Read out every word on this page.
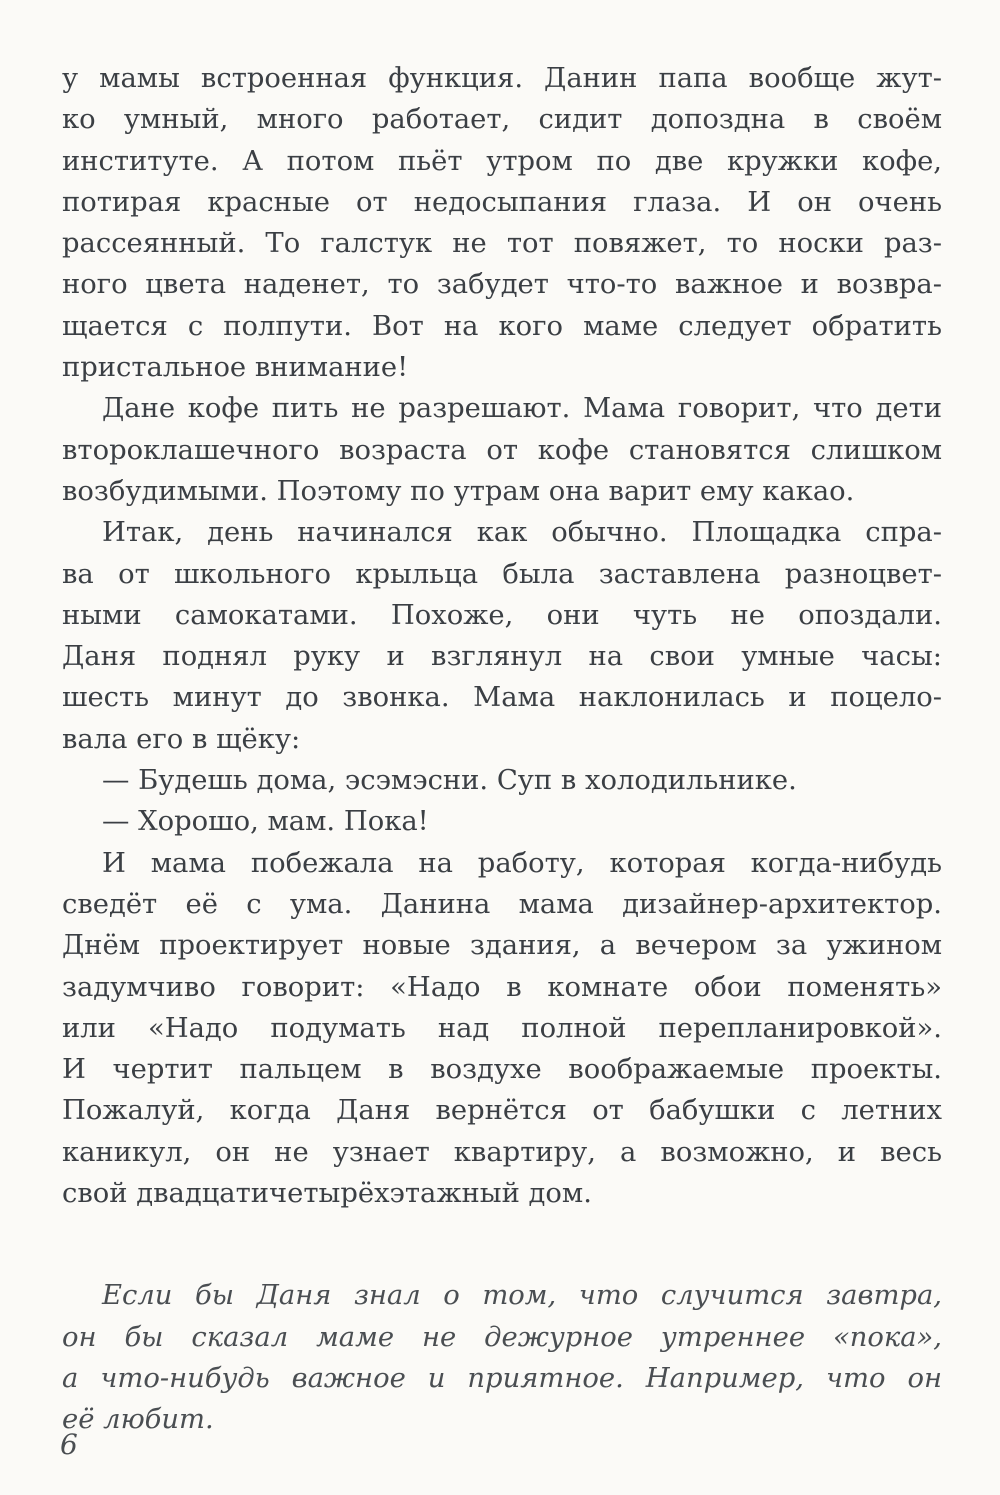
у мамы встроенная функция. Данин папа вообще жут-
ко умный, много работает, сидит допоздна в своём
институте. А потом пьёт утром по две кружки кофе,
потирая красные от недосыпания глаза. И он очень
рассеянный. То галстук не тот повяжет, то носки раз-
ного цвета наденет, то забудет что-то важное и возвра-
щается с полпути. Вот на кого маме следует обратить
пристальное внимание!
Дане кофе пить не разрешают. Мама говорит, что дети
второклашечного возраста от кофе становятся слишком
возбудимыми. Поэтому по утрам она варит ему какао.
Итак, день начинался как обычно. Площадка спра-
ва от школьного крыльца была заставлена разноцвет-
ными самокатами. Похоже, они чуть не опоздали.
Даня поднял руку и взглянул на свои умные часы:
шесть минут до звонка. Мама наклонилась и поцело-
вала его в щёку:
— Будешь дома, эсэмэсни. Суп в холодильнике.
— Хорошо, мам. Пока!
И мама побежала на работу, которая когда-нибудь
сведёт её с ума. Данина мама дизайнер-архитектор.
Днём проектирует новые здания, а вечером за ужином
задумчиво говорит: «Надо в комнате обои поменять»
или «Надо подумать над полной перепланировкой».
И чертит пальцем в воздухе воображаемые проекты.
Пожалуй, когда Даня вернётся от бабушки с летних
каникул, он не узнает квартиру, а возможно, и весь
свой двадцатичетырёхэтажный дом.
Если бы Даня знал о том, что случится завтра,
он бы сказал маме не дежурное утреннее «пока»,
а что-нибудь важное и приятное. Например, что он
её любит.
6
